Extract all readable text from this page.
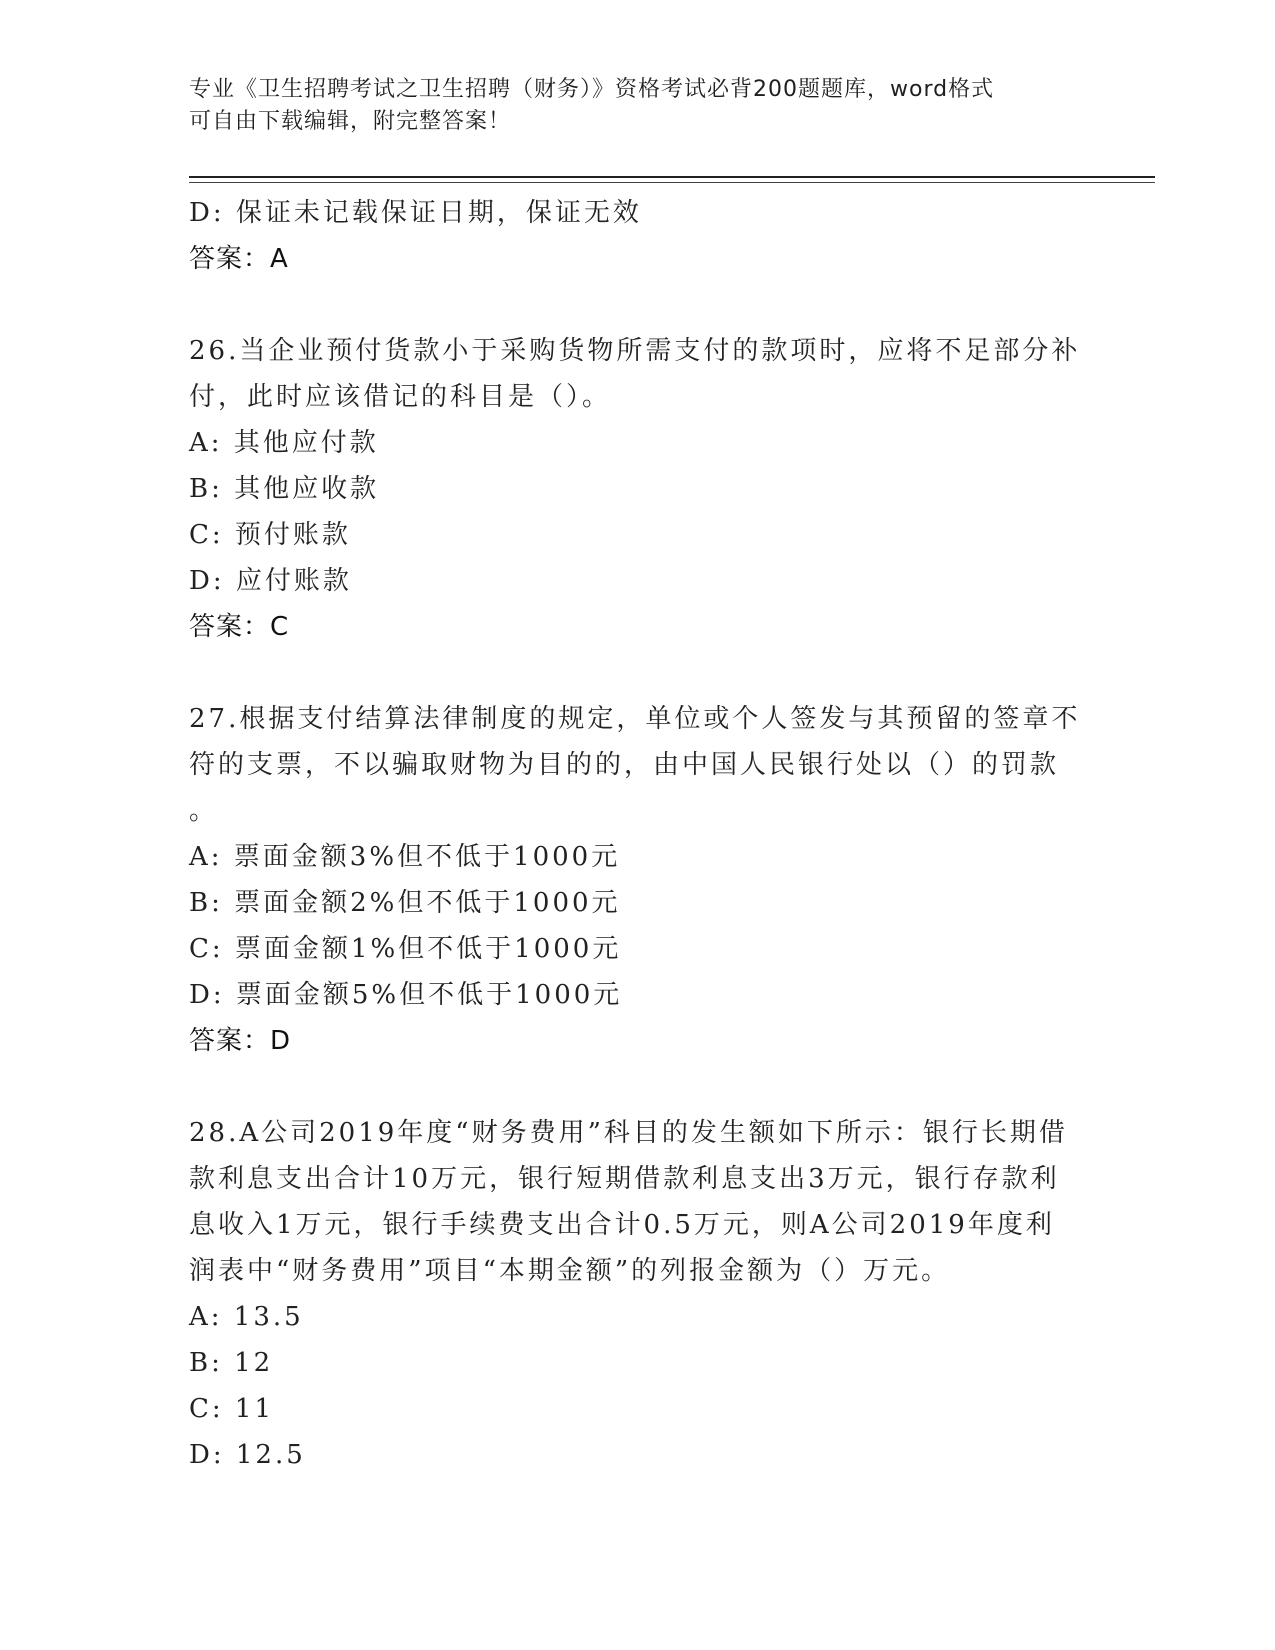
专业《卫生招聘考试之卫生招聘（财务）》资格考试必背200题题库，word格式
可自由下载编辑，附完整答案！
D: 保证未记载保证日期，保证无效
答案：A
26.当企业预付货款小于采购货物所需支付的款项时，应将不足部分补
付，此时应该借记的科目是（）。
A: 其他应付款
B: 其他应收款
C: 预付账款
D: 应付账款
答案：C
27.根据支付结算法律制度的规定，单位或个人签发与其预留的签章不
符的支票，不以骗取财物为目的的，由中国人民银行处以（）的罚款
。
A: 票面金额3%但不低于1000元
B: 票面金额2%但不低于1000元
C: 票面金额1%但不低于1000元
D: 票面金额5%但不低于1000元
答案：D
28.A公司2019年度“财务费用”科目的发生额如下所示：银行长期借
款利息支出合计10万元，银行短期借款利息支出3万元，银行存款利
息收入1万元，银行手续费支出合计0.5万元，则A公司2019年度利
润表中“财务费用”项目“本期金额”的列报金额为（）万元。
A: 13.5
B: 12
C: 11
D: 12.5
